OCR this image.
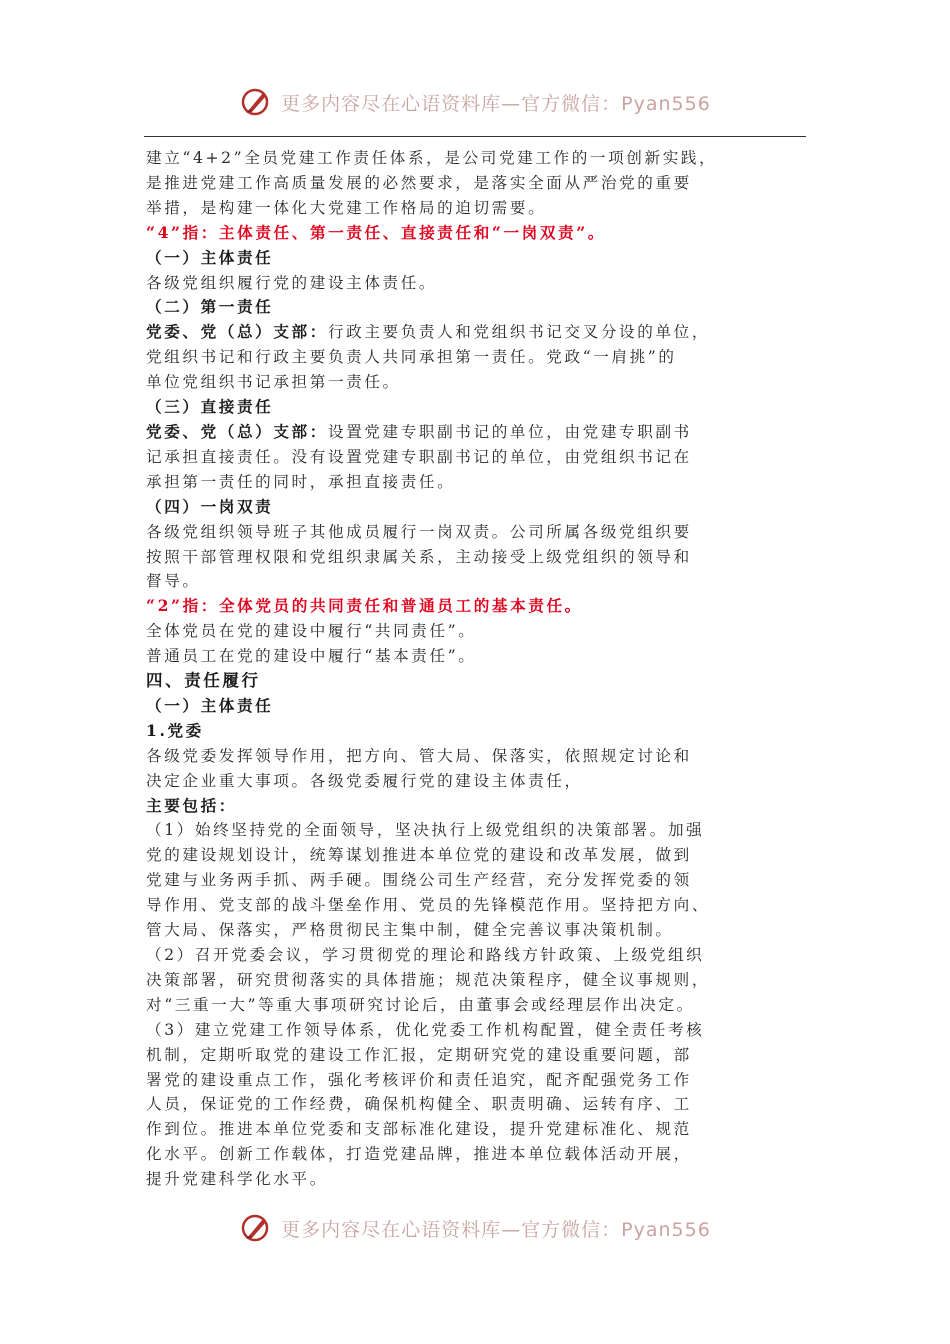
更多内容尽在心语资料库—官方微信：Pyan556

建立“4+2”全员党建工作责任体系，是公司党建工作的一项创新实践，

是推进党建工作高质量发展的必然要求，是落实全面从严治党的重要

举措，是构建一体化大党建工作格局的迫切需要。

“4”指：主体责任、第一责任、直接责任和“一岗双责”。

（一）主体责任

各级党组织履行党的建设主体责任。

（二）第一责任

党委、党（总）支部：行政主要负责人和党组织书记交叉分设的单位，

党组织书记和行政主要负责人共同承担第一责任。党政“一肩挑”的

单位党组织书记承担第一责任。

（三）直接责任

党委、党（总）支部：设置党建专职副书记的单位，由党建专职副书

记承担直接责任。没有设置党建专职副书记的单位，由党组织书记在

承担第一责任的同时，承担直接责任。

（四）一岗双责

各级党组织领导班子其他成员履行一岗双责。公司所属各级党组织要

按照干部管理权限和党组织隶属关系，主动接受上级党组织的领导和

督导。

“2”指：全体党员的共同责任和普通员工的基本责任。

全体党员在党的建设中履行“共同责任”。

普通员工在党的建设中履行“基本责任”。

四、责任履行

（一）主体责任

1.党委

各级党委发挥领导作用，把方向、管大局、保落实，依照规定讨论和

决定企业重大事项。各级党委履行党的建设主体责任，

主要包括：

（1）始终坚持党的全面领导，坚决执行上级党组织的决策部署。加强

党的建设规划设计，统筹谋划推进本单位党的建设和改革发展，做到

党建与业务两手抓、两手硬。围绕公司生产经营，充分发挥党委的领

导作用、党支部的战斗堡垒作用、党员的先锋模范作用。坚持把方向、

管大局、保落实，严格贯彻民主集中制，健全完善议事决策机制。

（2）召开党委会议，学习贯彻党的理论和路线方针政策、上级党组织

决策部署，研究贯彻落实的具体措施；规范决策程序，健全议事规则，

对“三重一大”等重大事项研究讨论后，由董事会或经理层作出决定。

（3）建立党建工作领导体系，优化党委工作机构配置，健全责任考核

机制，定期听取党的建设工作汇报，定期研究党的建设重要问题，部

署党的建设重点工作，强化考核评价和责任追究，配齐配强党务工作

人员，保证党的工作经费，确保机构健全、职责明确、运转有序、工

作到位。推进本单位党委和支部标准化建设，提升党建标准化、规范

化水平。创新工作载体，打造党建品牌，推进本单位载体活动开展，

提升党建科学化水平。

更多内容尽在心语资料库—官方微信：Pyan556
